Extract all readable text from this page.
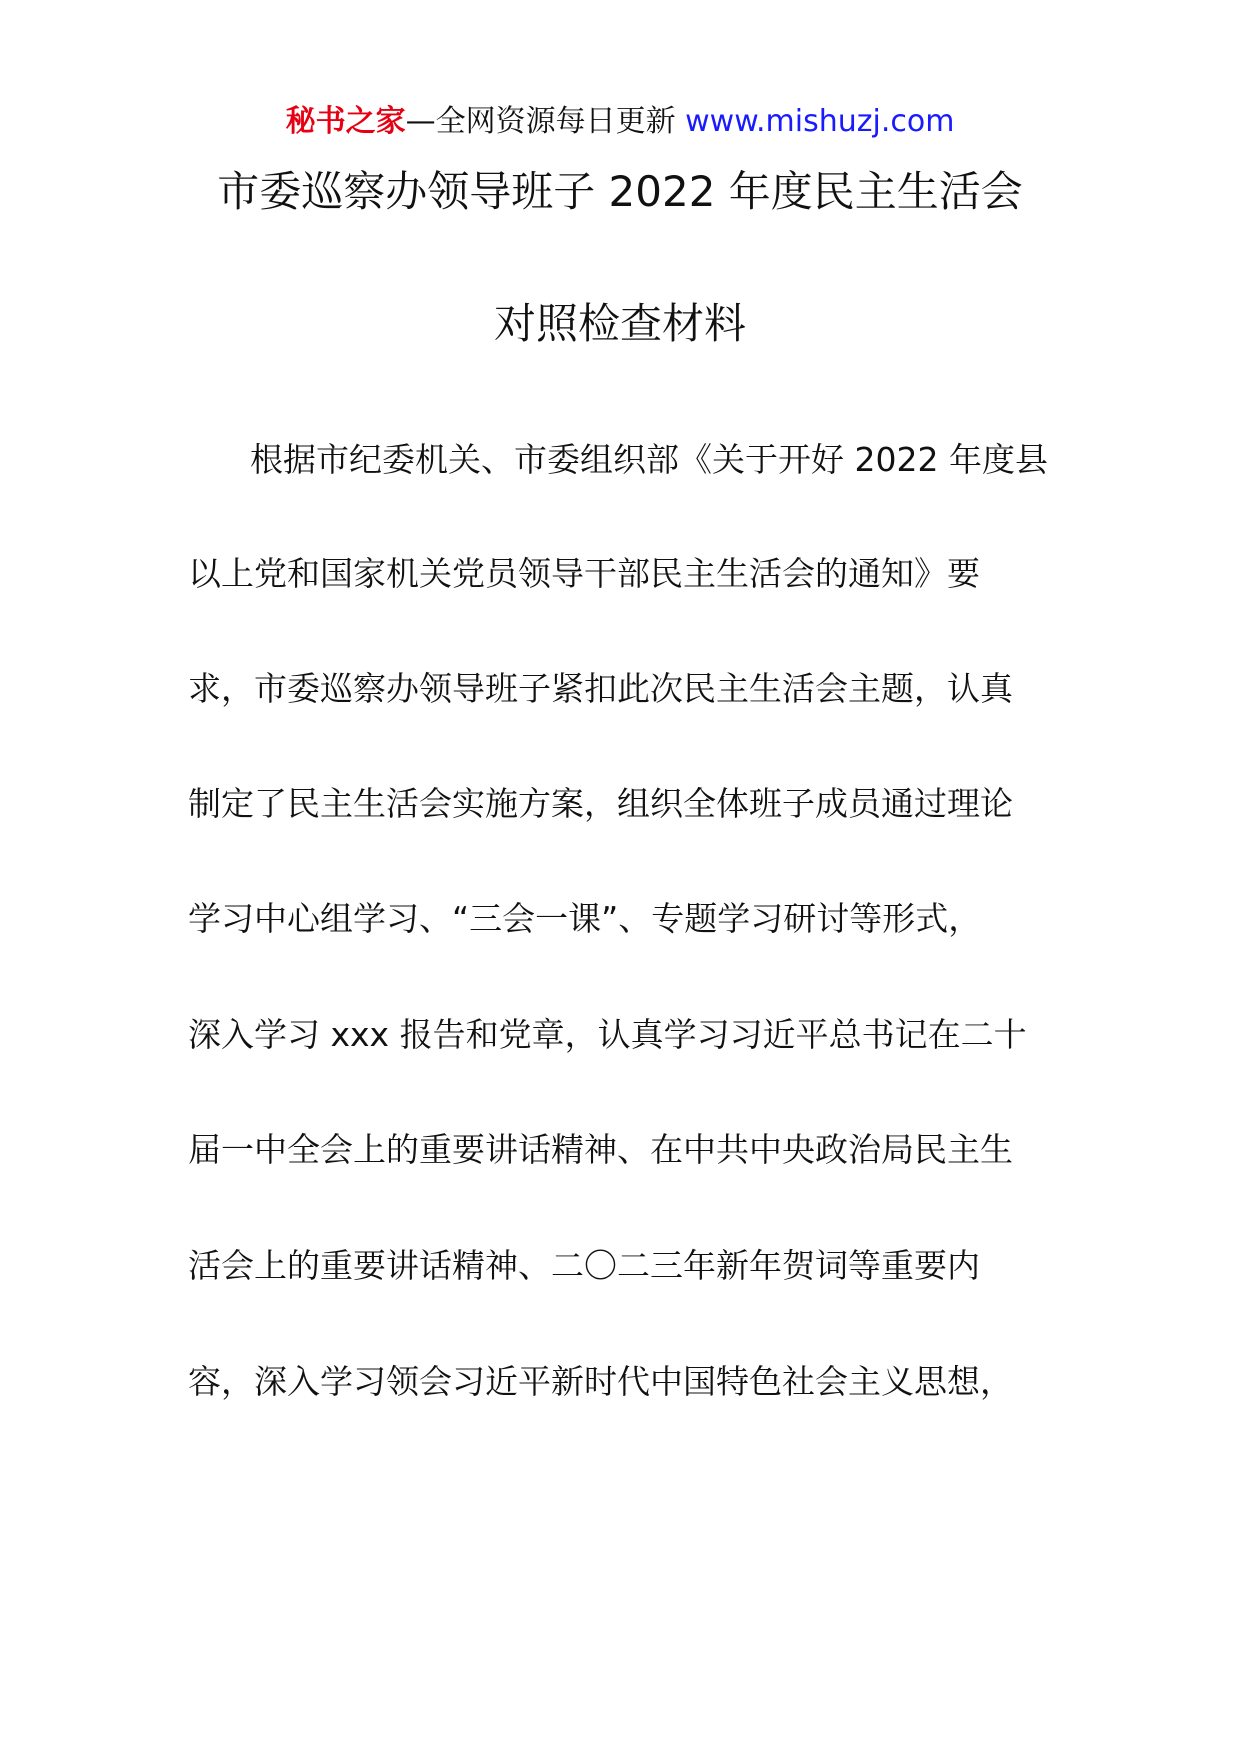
秘书之家—全网资源每日更新 www.mishuzj.com
市委巡察办领导班子 2022 年度民主生活会
对照检查材料
根据市纪委机关、市委组织部《关于开好 2022 年度县
以上党和国家机关党员领导干部民主生活会的通知》要
求，市委巡察办领导班子紧扣此次民主生活会主题，认真
制定了民主生活会实施方案，组织全体班子成员通过理论
学习中心组学习、“三会一课”、专题学习研讨等形式，
深入学习 xxx 报告和党章，认真学习习近平总书记在二十
届一中全会上的重要讲话精神、在中共中央政治局民主生
活会上的重要讲话精神、二〇二三年新年贺词等重要内
容，深入学习领会习近平新时代中国特色社会主义思想，
